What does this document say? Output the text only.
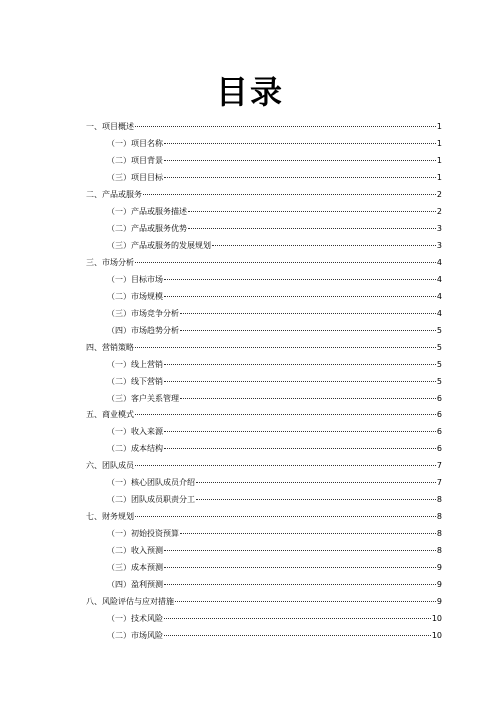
目录
一、项目概述	1
（一）项目名称	1
（二）项目背景	1
（三）项目目标	1
二、产品或服务	2
（一）产品或服务描述	2
（二）产品或服务优势	3
（三）产品或服务的发展规划	3
三、市场分析	4
（一）目标市场	4
（二）市场规模	4
（三）市场竞争分析	4
（四）市场趋势分析	5
四、营销策略	5
（一）线上营销	5
（二）线下营销	5
（三）客户关系管理	6
五、商业模式	6
（一）收入来源	6
（二）成本结构	6
六、团队成员	7
（一）核心团队成员介绍	7
（二）团队成员职责分工	8
七、财务规划	8
（一）初始投资预算	8
（二）收入预测	8
（三）成本预测	9
（四）盈利预测	9
八、风险评估与应对措施	9
（一）技术风险	10
（二）市场风险	10
